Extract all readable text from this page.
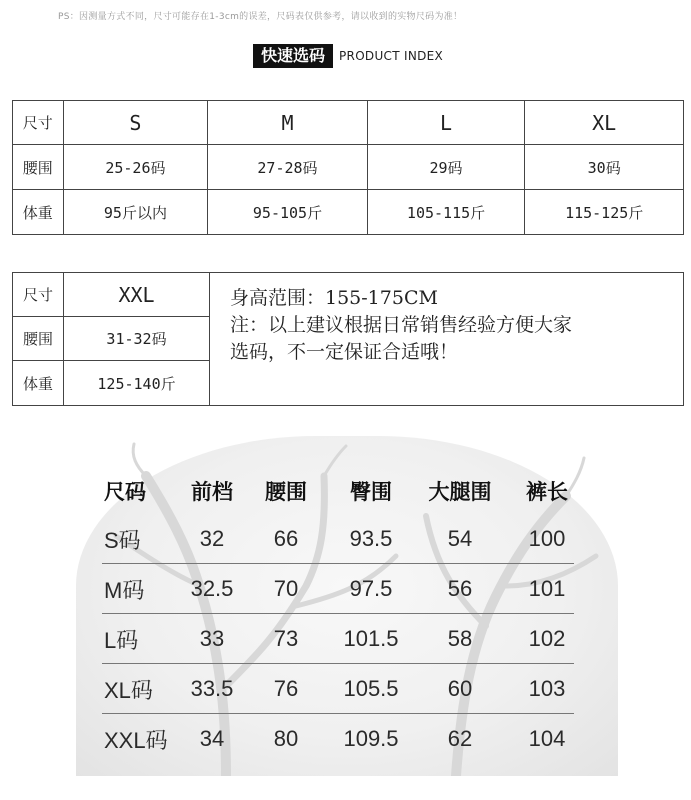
PS：因测量方式不同，尺寸可能存在1-3cm的误差，尺码表仅供参考，请以收到的实物尺码为准！
快速选码	PRODUCT INDEX
尺寸	S	M	L	XL
腰围	25-26码	27-28码	29码	30码
体重	95斤以内	95-105斤	105-115斤	115-125斤
尺寸	XXL	身高范围：155-175CM
注：以上建议根据日常销售经验方便大家
选码，不一定保证合适哦！

腰围	31-32码	
体重	125-140斤	
尺码	前档	腰围	臀围	大腿围	裤长
S码	32	66	93.5	54	100
M码	32.5	70	97.5	56	101
L码	33	73	101.5	58	102
XL码	33.5	76	105.5	60	103
XXL码	34	80	109.5	62	104
